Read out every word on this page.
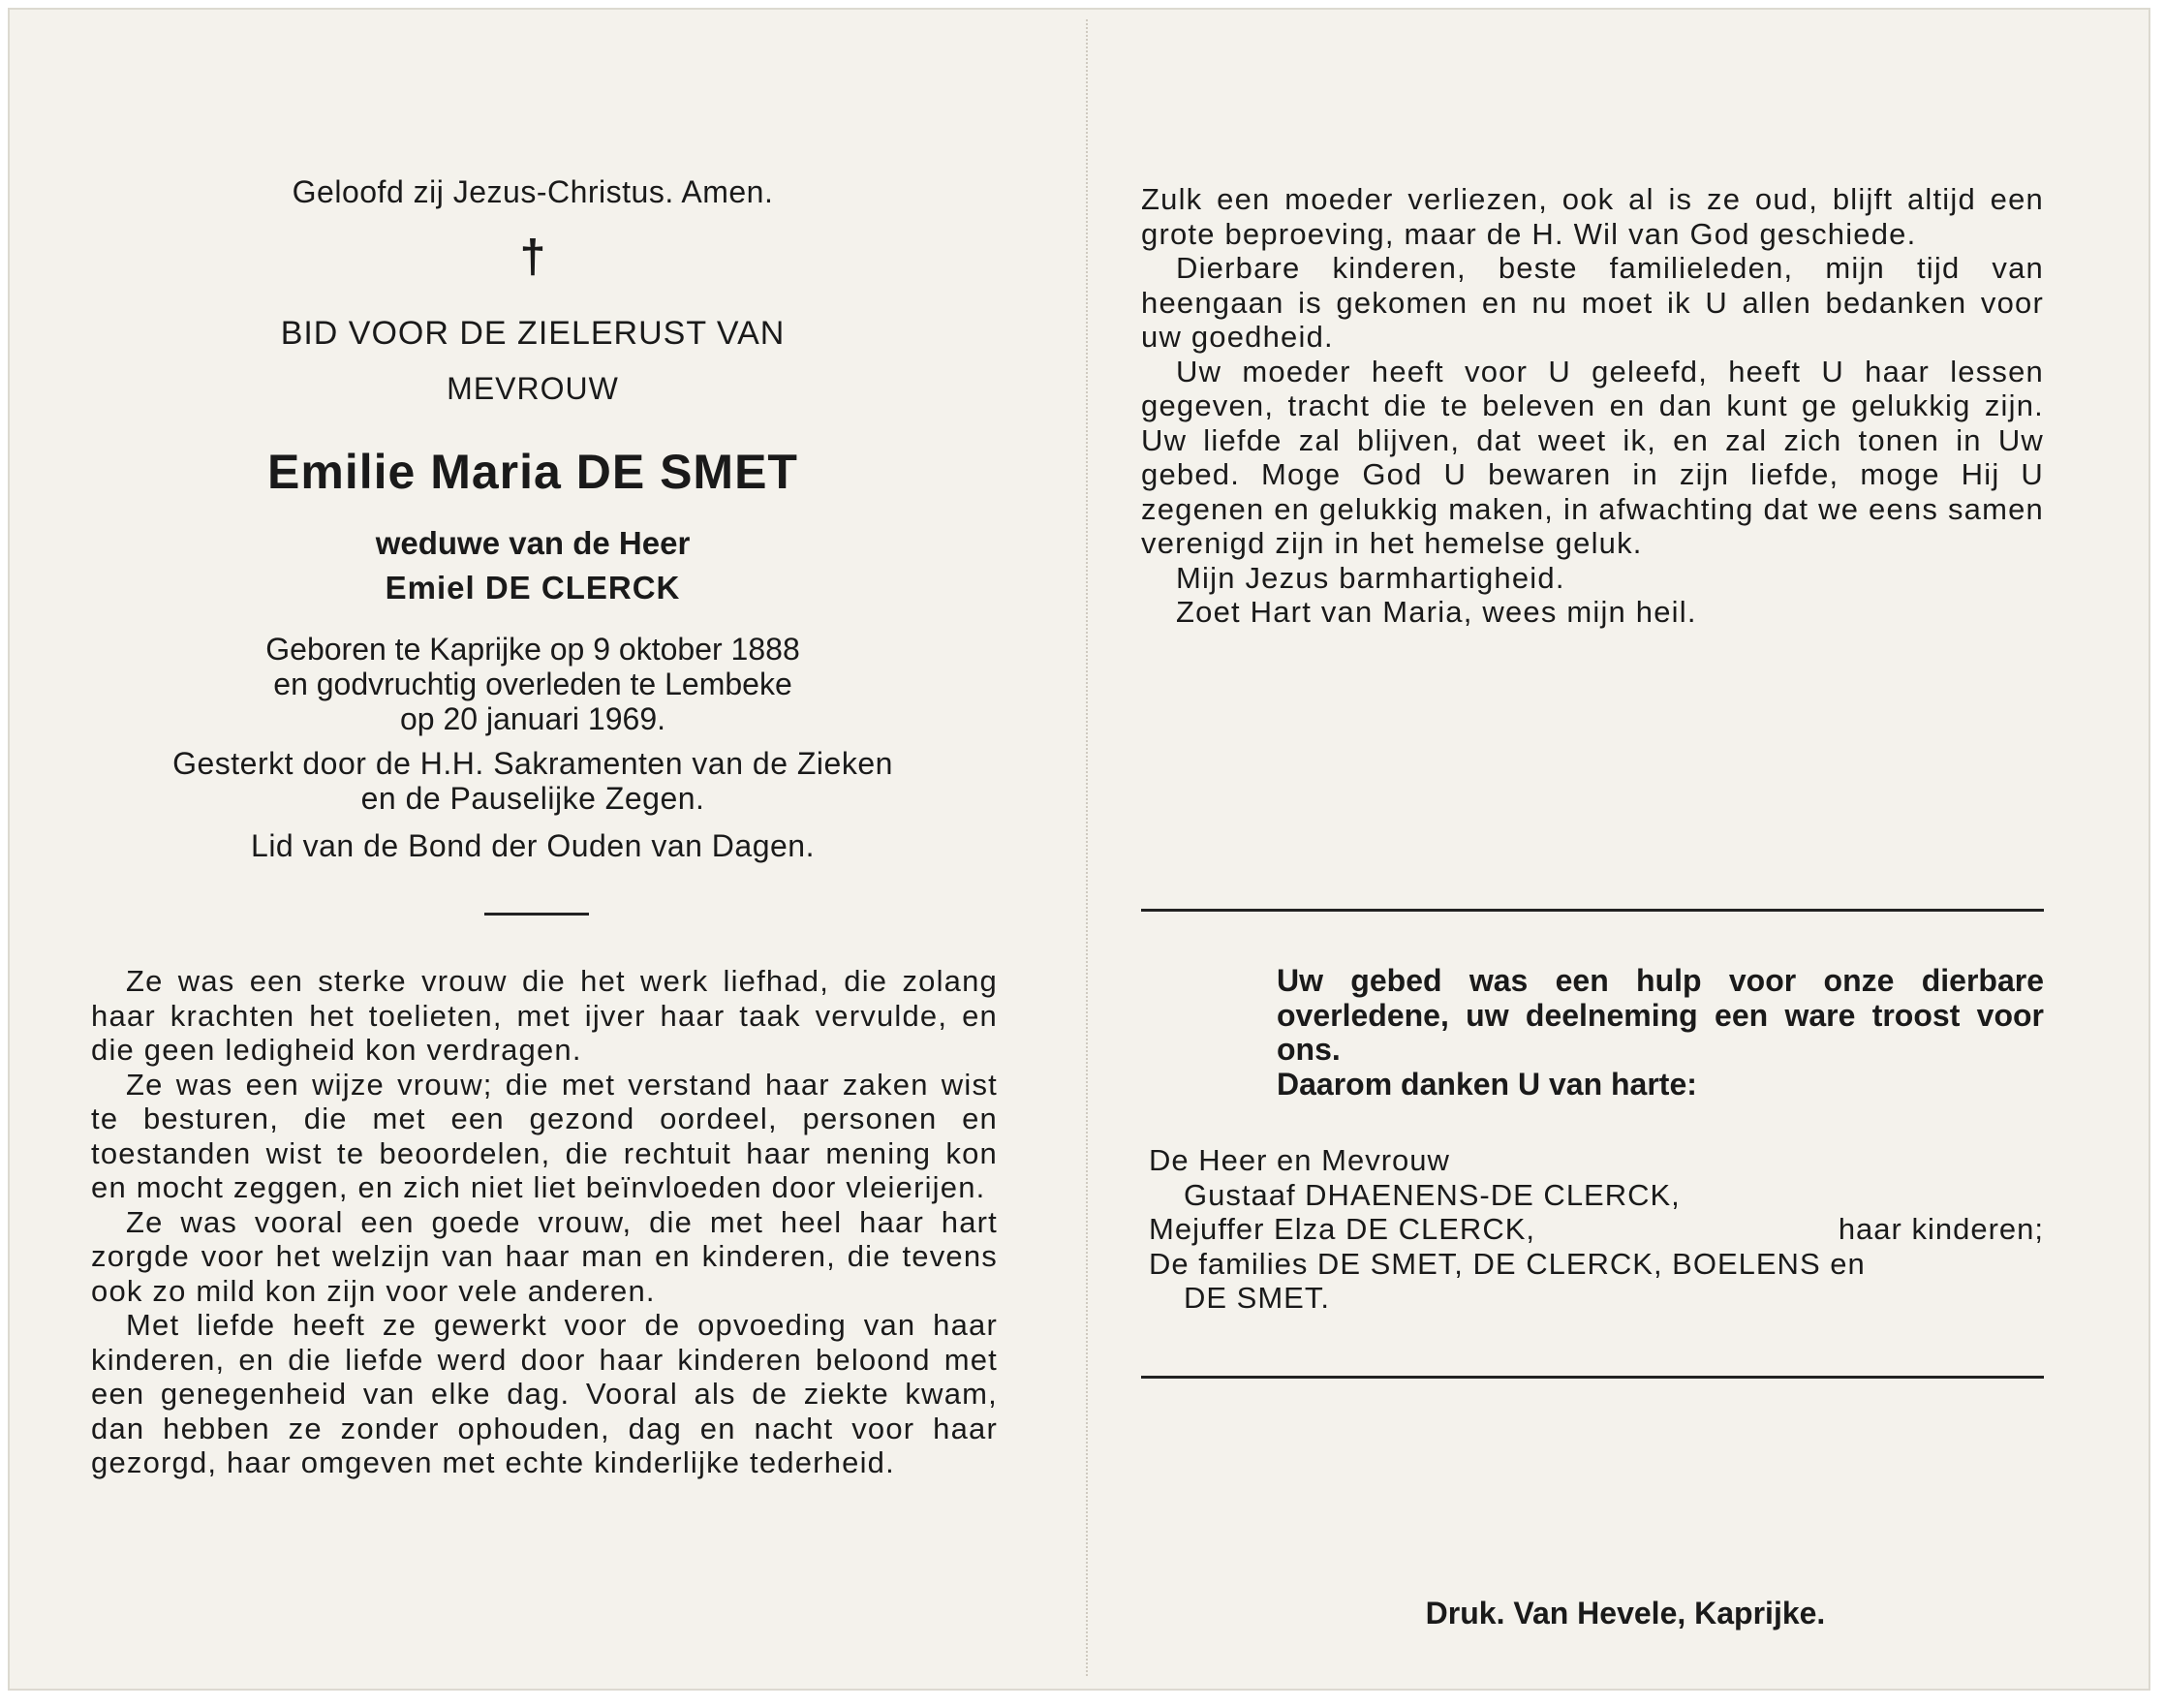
Geloofd zij Jezus-Christus. Amen.
†
BID VOOR DE ZIELERUST VAN
MEVROUW
Emilie Maria DE SMET
weduwe van de Heer
Emiel DE CLERCK
Geboren te Kaprijke op 9 oktober 1888
en godvruchtig overleden te Lembeke
op 20 januari 1969.
Gesterkt door de H.H. Sakramenten van de Zieken
en de Pauselijke Zegen.
Lid van de Bond der Ouden van Dagen.

Ze was een sterke vrouw die het werk liefhad, die zolang haar krachten het toelieten, met ijver haar taak vervulde, en die geen ledigheid kon verdragen.

Ze was een wijze vrouw; die met verstand haar zaken wist te besturen, die met een gezond oordeel, personen en toestanden wist te beoordelen, die rechtuit haar mening kon en mocht zeggen, en zich niet liet beïnvloeden door vleierijen.

Ze was vooral een goede vrouw, die met heel haar hart zorgde voor het welzijn van haar man en kinderen, die tevens ook zo mild kon zijn voor vele anderen.

Met liefde heeft ze gewerkt voor de opvoeding van haar kinderen, en die liefde werd door haar kinderen beloond met een genegenheid van elke dag. Vooral als de ziekte kwam, dan hebben ze zonder ophouden, dag en nacht voor haar gezorgd, haar omgeven met echte kinderlijke tederheid.

Zulk een moeder verliezen, ook al is ze oud, blijft altijd een grote beproeving, maar de H. Wil van God geschiede.

Dierbare kinderen, beste familieleden, mijn tijd van heengaan is gekomen en nu moet ik U allen bedanken voor uw goedheid.

Uw moeder heeft voor U geleefd, heeft U haar lessen gegeven, tracht die te beleven en dan kunt ge gelukkig zijn. Uw liefde zal blijven, dat weet ik, en zal zich tonen in Uw gebed. Moge God U bewaren in zijn liefde, moge Hij U zegenen en gelukkig maken, in afwachting dat we eens samen verenigd zijn in het hemelse geluk.

Mijn Jezus barmhartigheid.

Zoet Hart van Maria, wees mijn heil.

Uw gebed was een hulp voor onze dierbare overledene, uw deelneming een ware troost voor ons.

Daarom danken U van harte:

De Heer en Mevrouw
Gustaaf DHAENENS-DE CLERCK,
Mejuffer Elza DE CLERCK,	haar kinderen;
De families DE SMET, DE CLERCK, BOELENS en
DE SMET.
Druk. Van Hevele, Kaprijke.
